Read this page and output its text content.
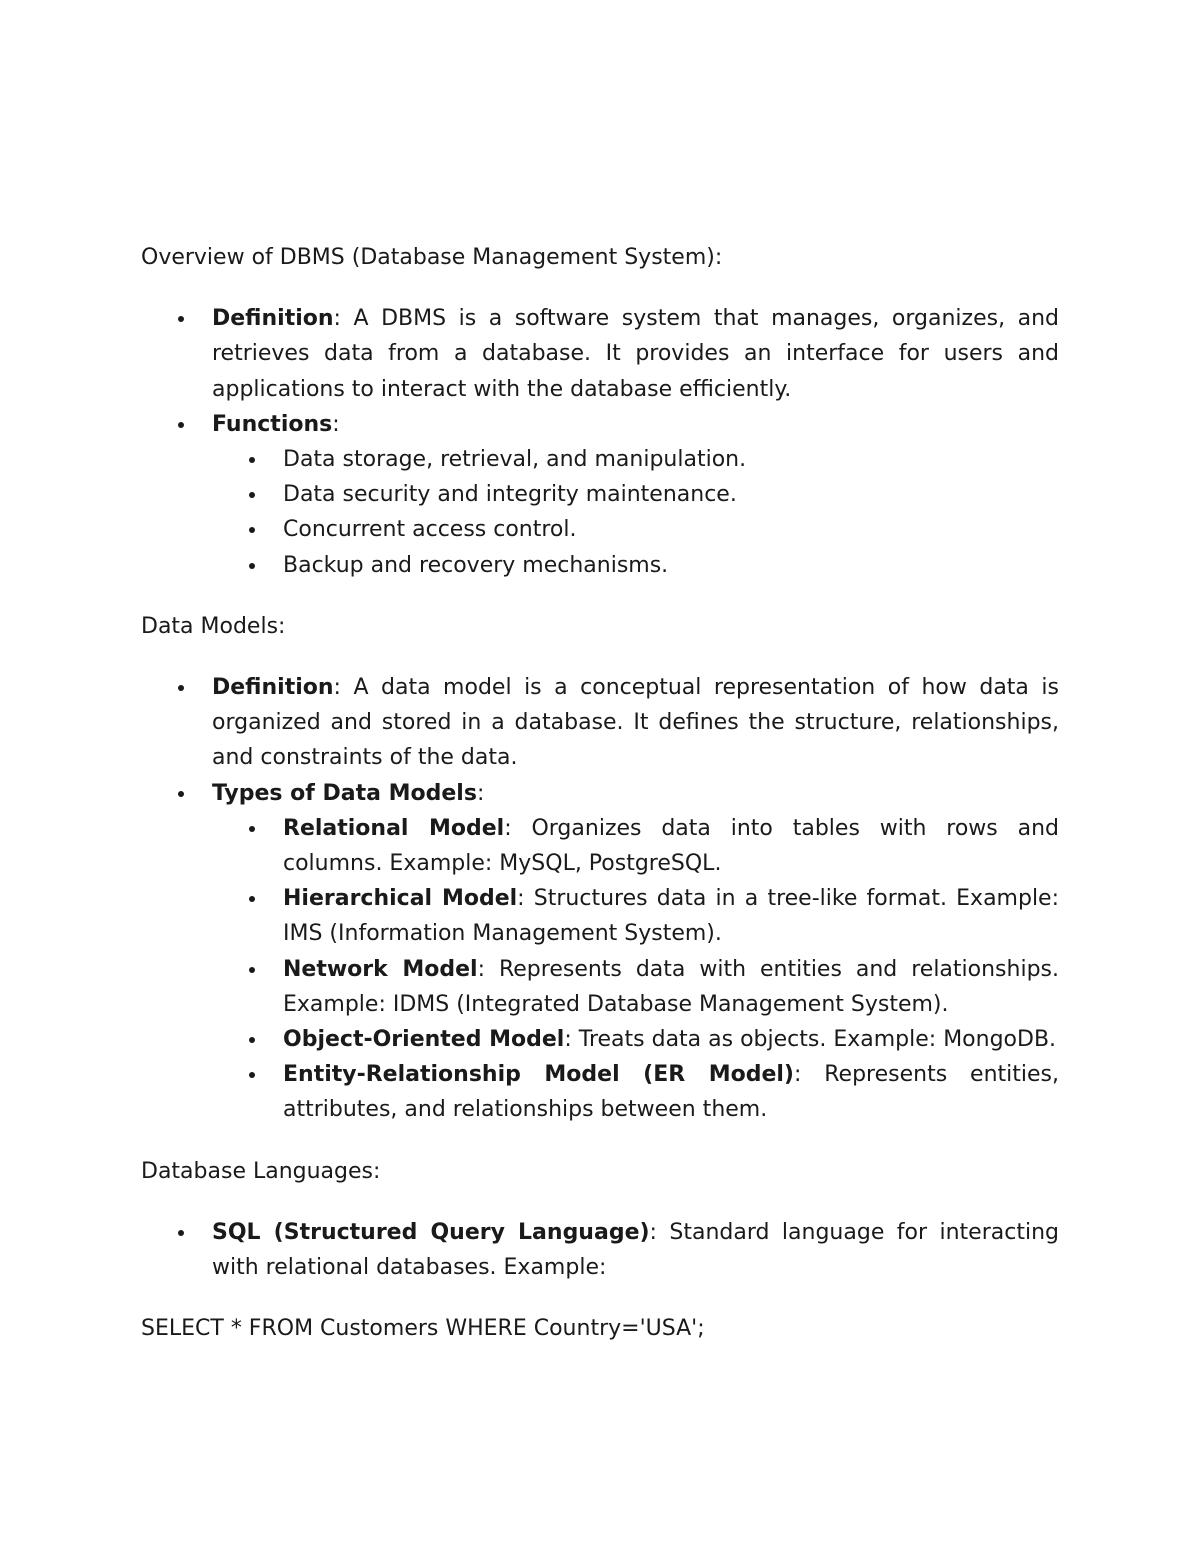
Overview of DBMS (Database Management System):
Definition: A DBMS is a software system that manages, organizes, and retrieves data from a database. It provides an interface for users and applications to interact with the database efficiently.
Functions:
Data storage, retrieval, and manipulation.
Data security and integrity maintenance.
Concurrent access control.
Backup and recovery mechanisms.
Data Models:
Definition: A data model is a conceptual representation of how data is organized and stored in a database. It defines the structure, relationships, and constraints of the data.
Types of Data Models:
Relational Model: Organizes data into tables with rows and columns. Example: MySQL, PostgreSQL.
Hierarchical Model: Structures data in a tree-like format. Example: IMS (Information Management System).
Network Model: Represents data with entities and relationships. Example: IDMS (Integrated Database Management System).
Object-Oriented Model: Treats data as objects. Example: MongoDB.
Entity-Relationship Model (ER Model): Represents entities, attributes, and relationships between them.
Database Languages:
SQL (Structured Query Language): Standard language for interacting with relational databases. Example:
SELECT * FROM Customers WHERE Country='USA';
